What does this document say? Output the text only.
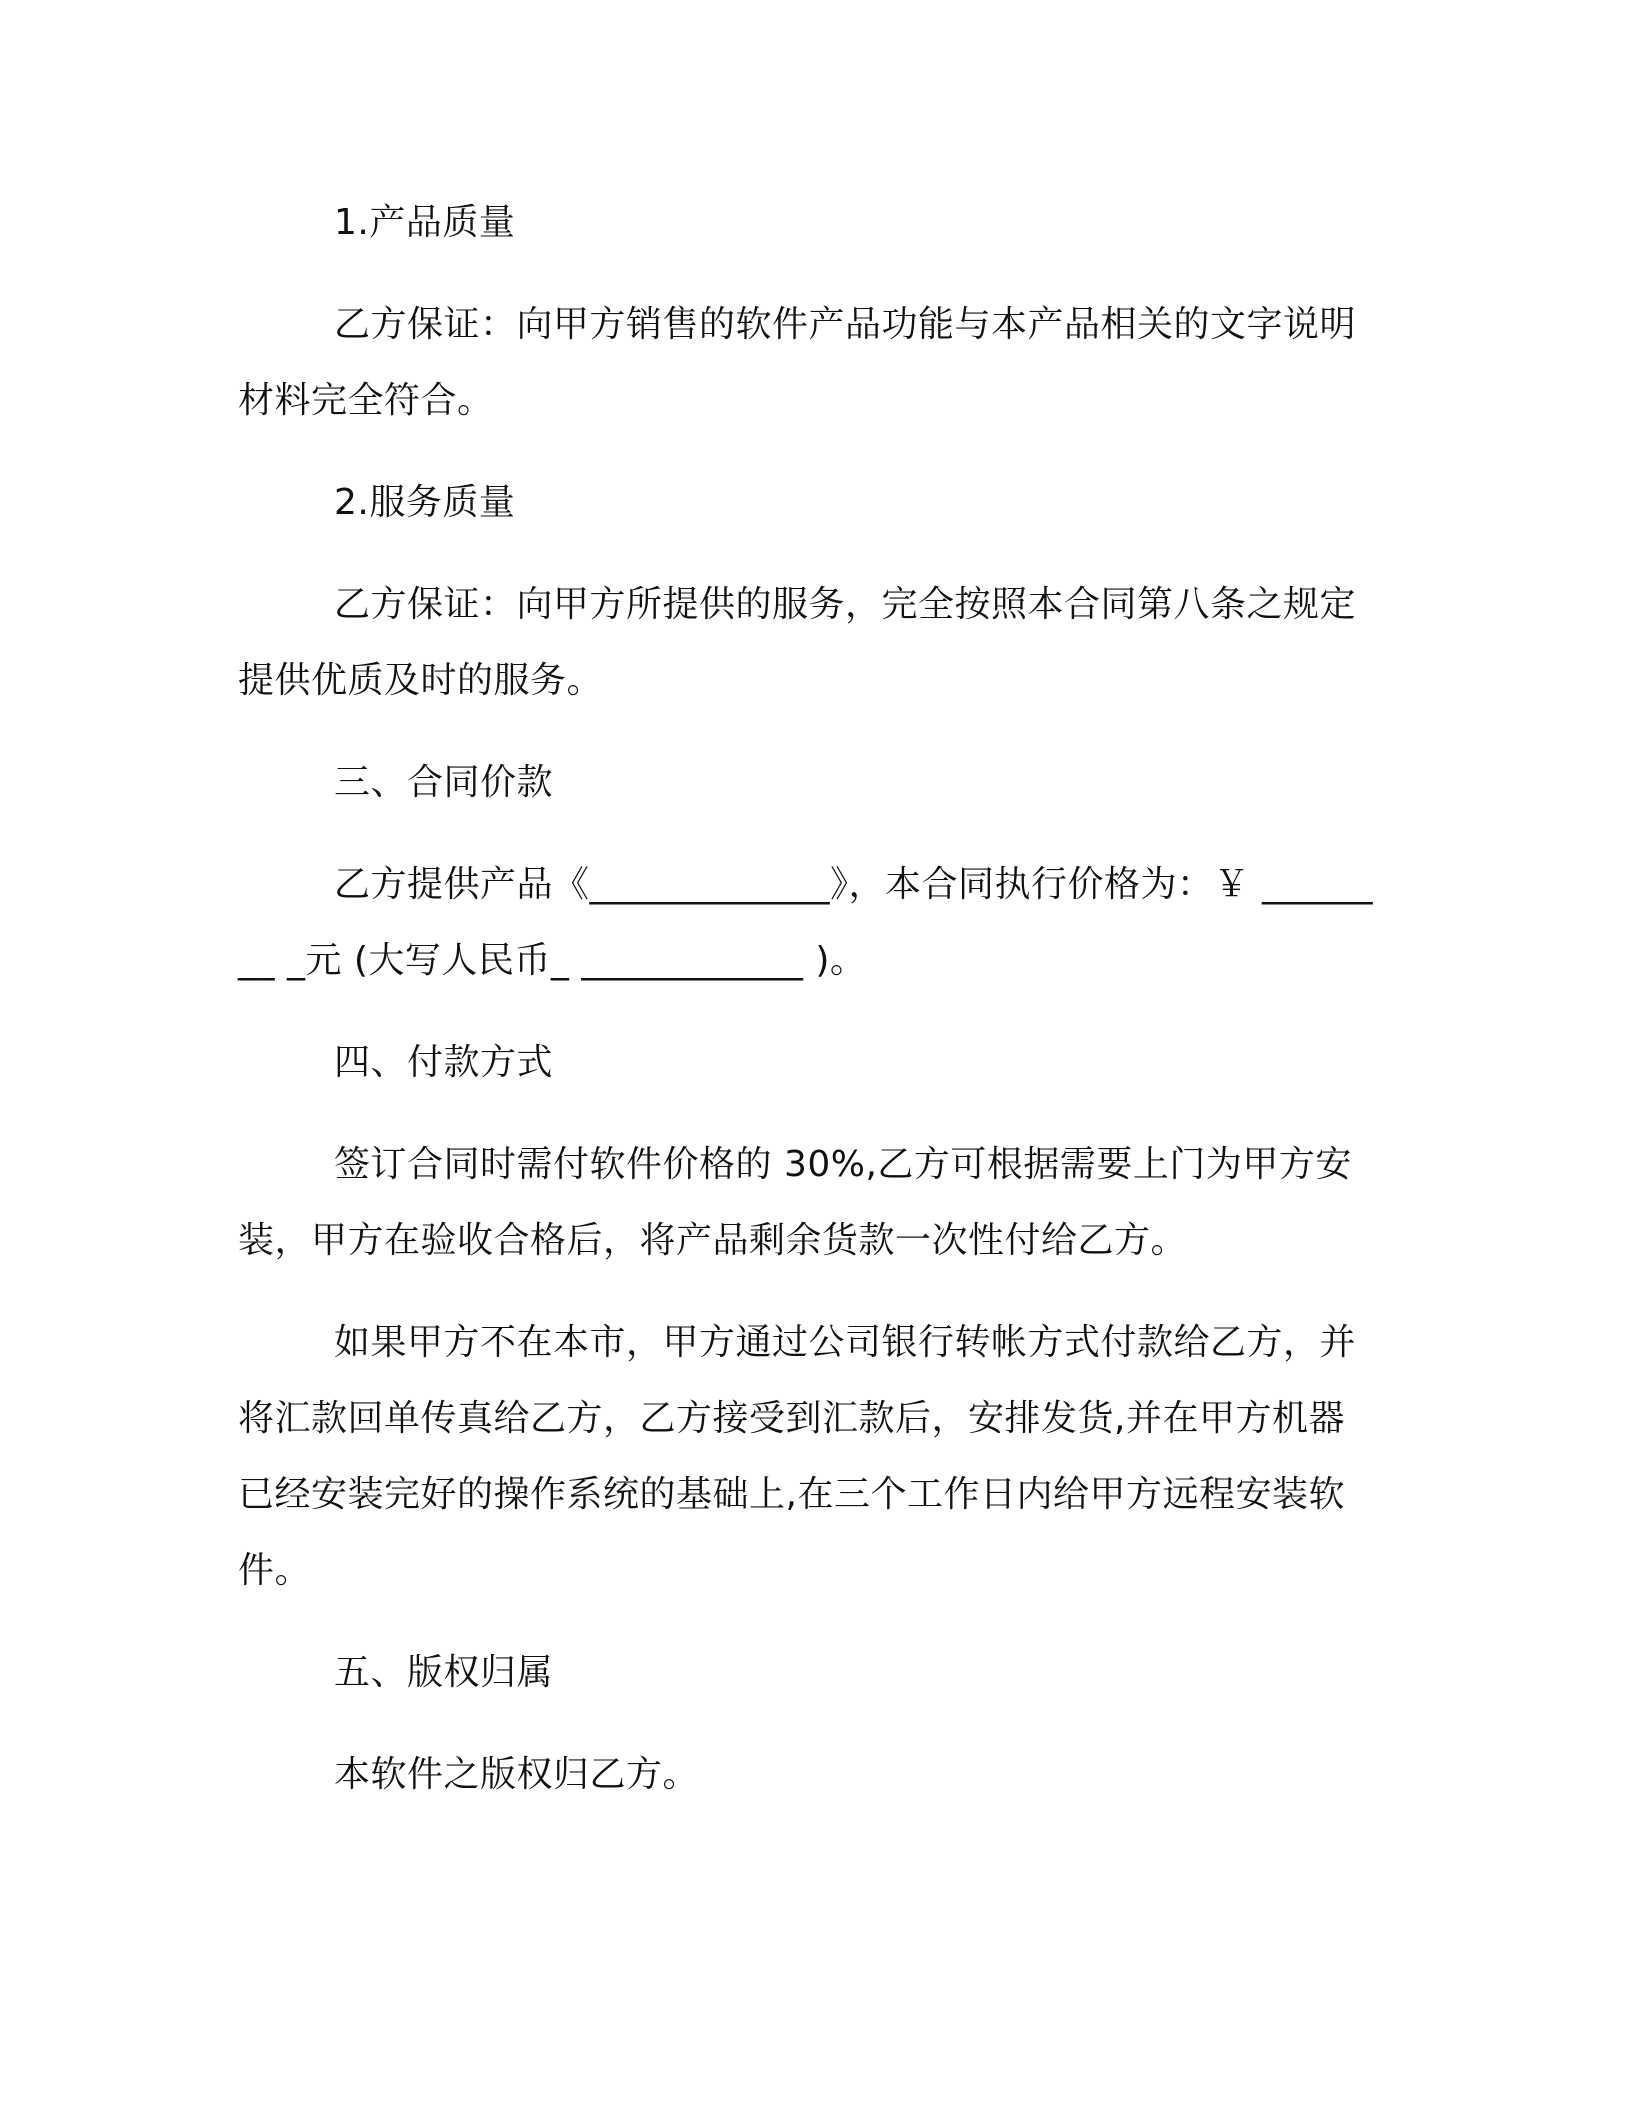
1.产品质量

乙方保证：向甲方销售的软件产品功能与本产品相关的文字说明材料完全符合。

2.服务质量

乙方保证：向甲方所提供的服务，完全按照本合同第八条之规定提供优质及时的服务。

三、合同价款

乙方提供产品《_____________》，本合同执行价格为：￥ ________ _元 (大写人民币_ ____________ )。

四、付款方式

签订合同时需付软件价格的 30%,乙方可根据需要上门为甲方安装，甲方在验收合格后，将产品剩余货款一次性付给乙方。

如果甲方不在本市，甲方通过公司银行转帐方式付款给乙方，并将汇款回单传真给乙方，乙方接受到汇款后，安排发货,并在甲方机器已经安装完好的操作系统的基础上,在三个工作日内给甲方远程安装软件。

五、版权归属

本软件之版权归乙方。
